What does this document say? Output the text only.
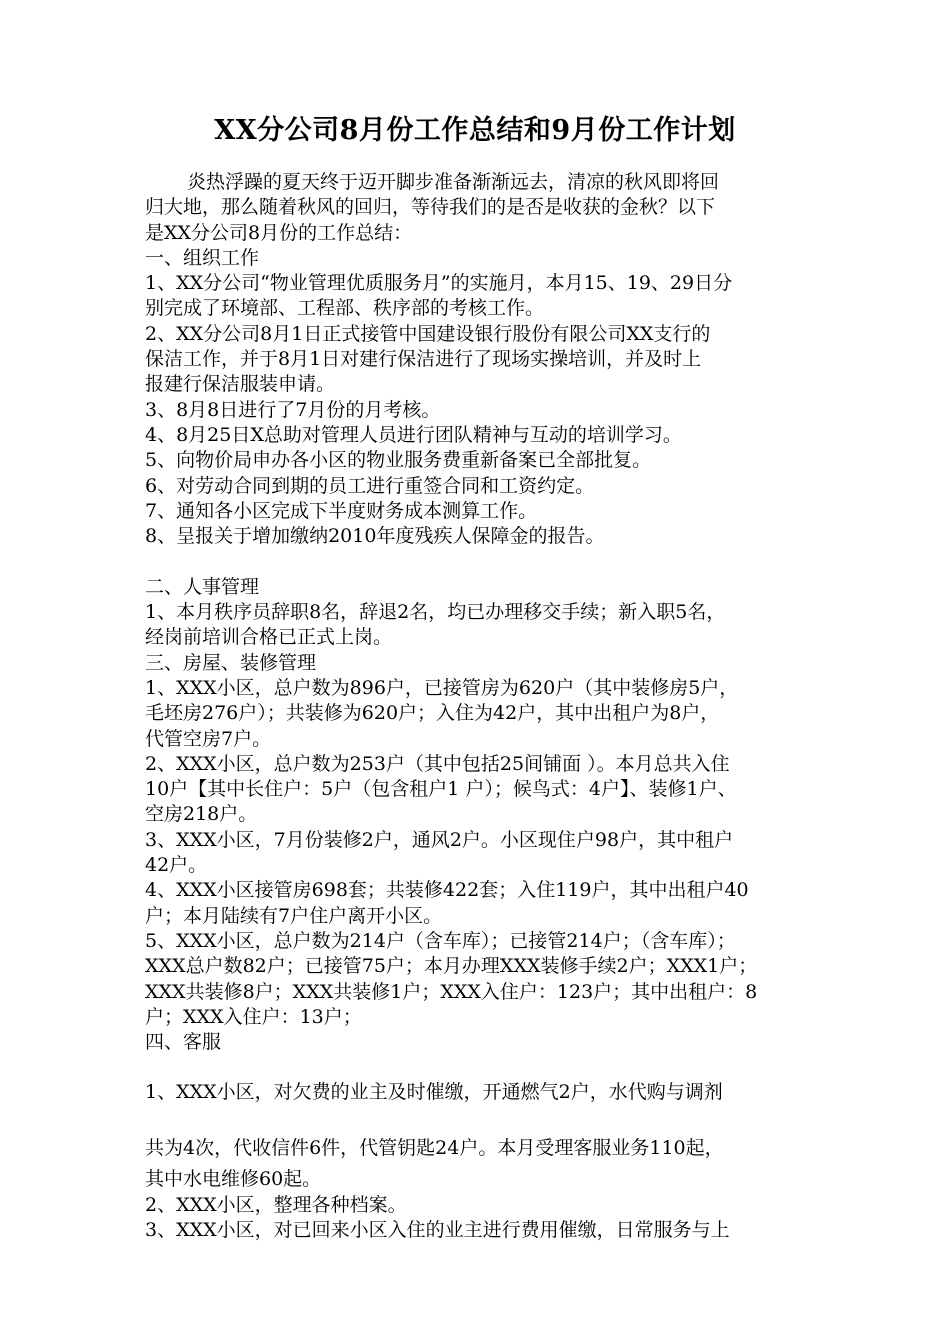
XX分公司8月份工作总结和9月份工作计划
炎热浮躁的夏天终于迈开脚步准备渐渐远去，清凉的秋风即将回
归大地，那么随着秋风的回归，等待我们的是否是收获的金秋？以下
是XX分公司8月份的工作总结：
一、组织工作
1、XX分公司“物业管理优质服务月”的实施月，本月15、19、29日分
别完成了环境部、工程部、秩序部的考核工作。
2、XX分公司8月1日正式接管中国建设银行股份有限公司XX支行的
保洁工作，并于8月1日对建行保洁进行了现场实操培训，并及时上
报建行保洁服装申请。
3、8月8日进行了7月份的月考核。
4、8月25日X总助对管理人员进行团队精神与互动的培训学习。
5、向物价局申办各小区的物业服务费重新备案已全部批复。
6、对劳动合同到期的员工进行重签合同和工资约定。
7、通知各小区完成下半度财务成本测算工作。
8、呈报关于增加缴纳2010年度残疾人保障金的报告。
二、人事管理
1、本月秩序员辞职8名，辞退2名，均已办理移交手续；新入职5名，
经岗前培训合格已正式上岗。
三、房屋、装修管理
1、XXX小区，总户数为896户，已接管房为620户（其中装修房5户，
毛坯房276户）；共装修为620户；入住为42户，其中出租户为8户，
代管空房7户。
2、XXX小区，总户数为253户（其中包括25间铺面 ）。本月总共入住
10户【其中长住户：5户（包含租户1 户）；候鸟式：4户】、装修1户、
空房218户。
3、XXX小区，7月份装修2户，通风2户。小区现住户98户，其中租户
42户。
4、XXX小区接管房698套；共装修422套；入住119户，其中出租户40
户；本月陆续有7户住户离开小区。
5、XXX小区，总户数为214户（含车库）；已接管214户；（含车库）；
XXX总户数82户；已接管75户；本月办理XXX装修手续2户；XXX1户；
XXX共装修8户；XXX共装修1户；XXX入住户：123户；其中出租户：8
户；XXX入住户：13户；
四、客服
1、XXX小区，对欠费的业主及时催缴，开通燃气2户，水代购与调剂
共为4次，代收信件6件，代管钥匙24户。本月受理客服业务110起，
其中水电维修60起。
2、XXX小区，整理各种档案。
3、XXX小区，对已回来小区入住的业主进行费用催缴，日常服务与上
